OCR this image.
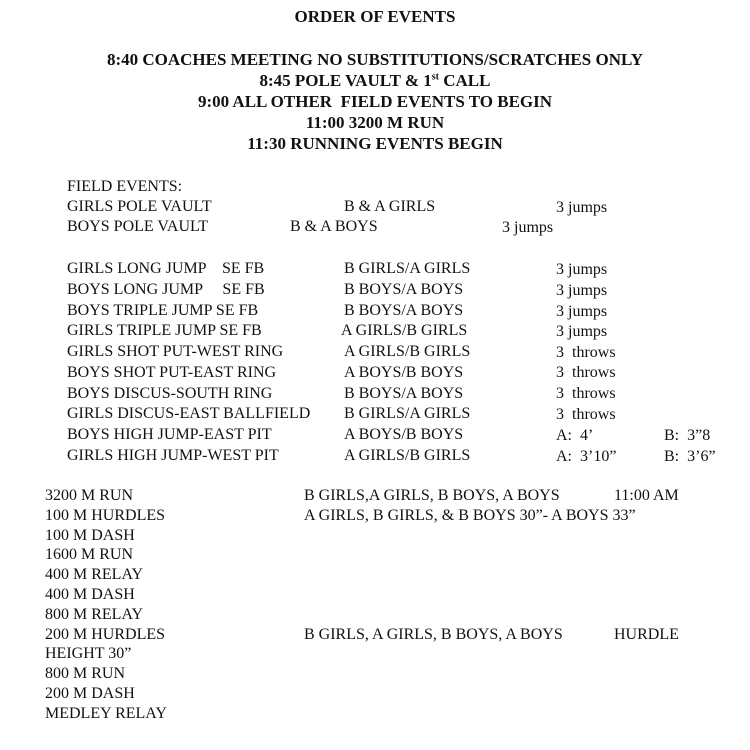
ORDER OF EVENTS
8:40 COACHES MEETING NO SUBSTITUTIONS/SCRATCHES ONLY
8:45 POLE VAULT & 1st CALL
9:00 ALL OTHER  FIELD EVENTS TO BEGIN
11:00 3200 M RUN
11:30 RUNNING EVENTS BEGIN
FIELD EVENTS:
GIRLS POLE VAULT	B & A GIRLS	3 jumps
BOYS POLE VAULT	B & A BOYS	3 jumps
GIRLS LONG JUMP    SE FB	B GIRLS/A GIRLS	3 jumps
BOYS LONG JUMP     SE FB	B BOYS/A BOYS	3 jumps
BOYS TRIPLE JUMP SE FB	B BOYS/A BOYS	3 jumps
GIRLS TRIPLE JUMP SE FB	A GIRLS/B GIRLS	3 jumps
GIRLS SHOT PUT-WEST RING	A GIRLS/B GIRLS	3  throws
BOYS SHOT PUT-EAST RING	A BOYS/B BOYS	3  throws
BOYS DISCUS-SOUTH RING	B BOYS/A BOYS	3  throws
GIRLS DISCUS-EAST BALLFIELD B GIRLS/A GIRLS	3  throws
BOYS HIGH JUMP-EAST PIT	A BOYS/B BOYS	A:  4’	B:  3”8
GIRLS HIGH JUMP-WEST PIT	A GIRLS/B GIRLS	A:  3’10”	B:  3’6”
3200 M RUN	B GIRLS,A GIRLS, B BOYS, A BOYS	11:00 AM
100 M HURDLES	A GIRLS, B GIRLS, & B BOYS 30”- A BOYS 33”
100 M DASH
1600 M RUN
400 M RELAY
400 M DASH
800 M RELAY
200 M HURDLES	B GIRLS, A GIRLS, B BOYS, A BOYS	HURDLE
HEIGHT 30”
800 M RUN
200 M DASH
MEDLEY RELAY
